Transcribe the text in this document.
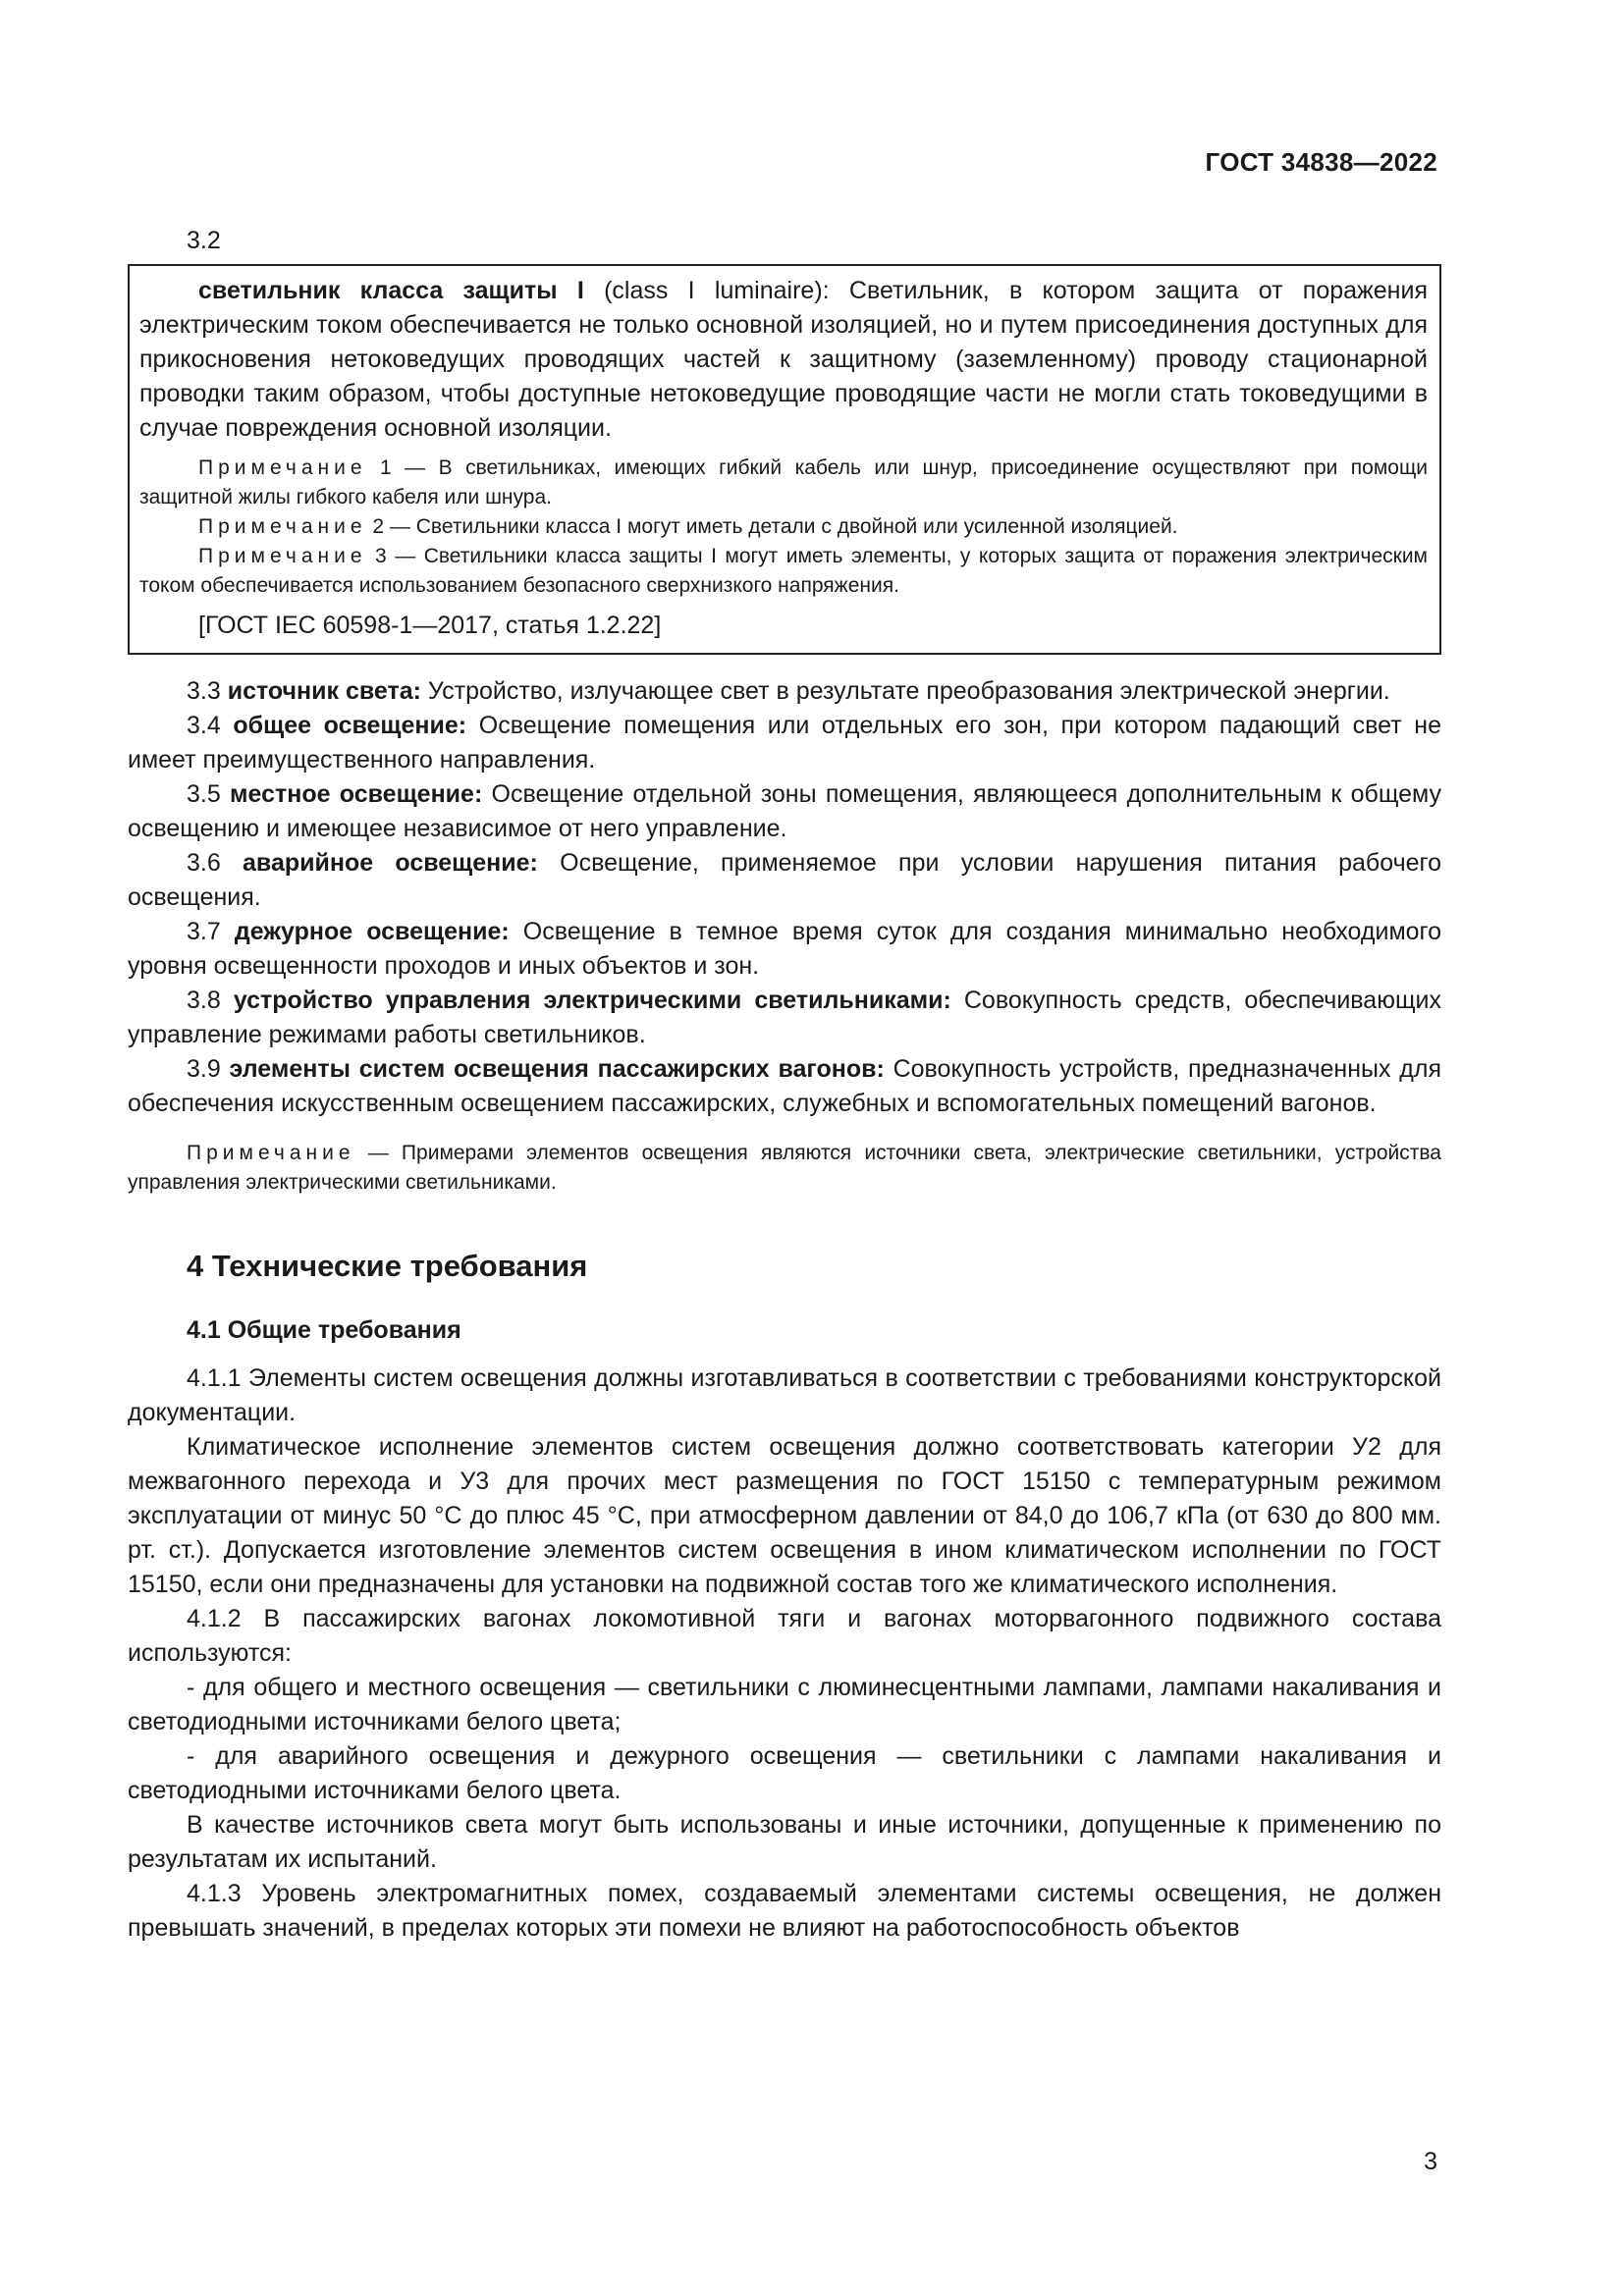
ГОСТ 34838—2022

3.2

светильник класса защиты I (class I luminaire): Светильник, в котором защита от поражения электрическим током обеспечивается не только основной изоляцией, но и путем присоединения доступных для прикосновения нетоковедущих проводящих частей к защитному (заземленному) проводу стационарной проводки таким образом, чтобы доступные нетоковедущие проводящие части не могли стать токоведущими в случае повреждения основной изоляции.

Примечание 1 — В светильниках, имеющих гибкий кабель или шнур, присоединение осуществляют при помощи защитной жилы гибкого кабеля или шнура.

Примечание 2 — Светильники класса I могут иметь детали с двойной или усиленной изоляцией.

Примечание 3 — Светильники класса защиты I могут иметь элементы, у которых защита от поражения электрическим током обеспечивается использованием безопасного сверхнизкого напряжения.

[ГОСТ IEC 60598-1—2017, статья 1.2.22]

3.3 источник света: Устройство, излучающее свет в результате преобразования электрической энергии.

3.4 общее освещение: Освещение помещения или отдельных его зон, при котором падающий свет не имеет преимущественного направления.

3.5 местное освещение: Освещение отдельной зоны помещения, являющееся дополнительным к общему освещению и имеющее независимое от него управление.

3.6 аварийное освещение: Освещение, применяемое при условии нарушения питания рабочего освещения.

3.7 дежурное освещение: Освещение в темное время суток для создания минимально необходимого уровня освещенности проходов и иных объектов и зон.

3.8 устройство управления электрическими светильниками: Совокупность средств, обеспечивающих управление режимами работы светильников.

3.9 элементы систем освещения пассажирских вагонов: Совокупность устройств, предназначенных для обеспечения искусственным освещением пассажирских, служебных и вспомогательных помещений вагонов.

Примечание — Примерами элементов освещения являются источники света, электрические светильники, устройства управления электрическими светильниками.

4 Технические требования
4.1 Общие требования

4.1.1 Элементы систем освещения должны изготавливаться в соответствии с требованиями конструкторской документации.

Климатическое исполнение элементов систем освещения должно соответствовать категории У2 для межвагонного перехода и У3 для прочих мест размещения по ГОСТ 15150 с температурным режимом эксплуатации от минус 50 °С до плюс 45 °С, при атмосферном давлении от 84,0 до 106,7 кПа (от 630 до 800 мм. рт. ст.). Допускается изготовление элементов систем освещения в ином климатическом исполнении по ГОСТ 15150, если они предназначены для установки на подвижной состав того же климатического исполнения.

4.1.2 В пассажирских вагонах локомотивной тяги и вагонах моторвагонного подвижного состава используются:

- для общего и местного освещения — светильники с люминесцентными лампами, лампами накаливания и светодиодными источниками белого цвета;

- для аварийного освещения и дежурного освещения — светильники с лампами накаливания и светодиодными источниками белого цвета.

В качестве источников света могут быть использованы и иные источники, допущенные к применению по результатам их испытаний.

4.1.3 Уровень электромагнитных помех, создаваемый элементами системы освещения, не должен превышать значений, в пределах которых эти помехи не влияют на работоспособность объектов

3
